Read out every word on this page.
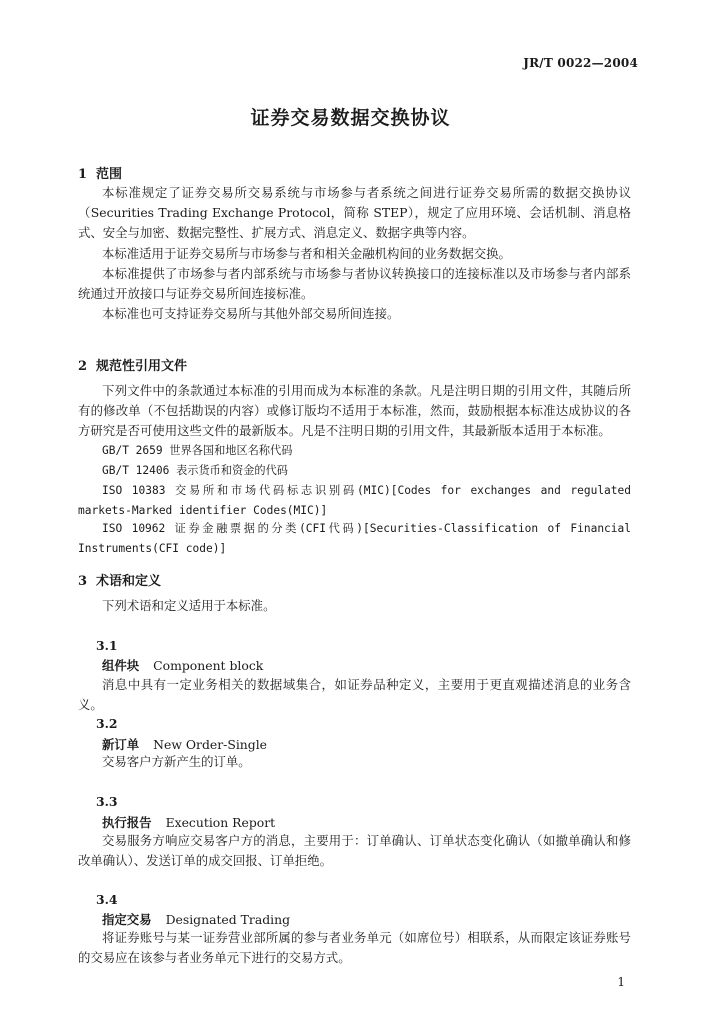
JR/T 0022—2004
证券交易数据交换协议
1 范围
本标准规定了证券交易所交易系统与市场参与者系统之间进行证券交易所需的数据交换协议（Securities Trading Exchange Protocol，简称 STEP），规定了应用环境、会话机制、消息格式、安全与加密、数据完整性、扩展方式、消息定义、数据字典等内容。
本标准适用于证券交易所与市场参与者和相关金融机构间的业务数据交换。
本标准提供了市场参与者内部系统与市场参与者协议转换接口的连接标准以及市场参与者内部系统通过开放接口与证券交易所间连接标准。
本标准也可支持证券交易所与其他外部交易所间连接。
2 规范性引用文件
下列文件中的条款通过本标准的引用而成为本标准的条款。凡是注明日期的引用文件，其随后所有的修改单（不包括勘误的内容）或修订版均不适用于本标准，然而，鼓励根据本标准达成协议的各方研究是否可使用这些文件的最新版本。凡是不注明日期的引用文件，其最新版本适用于本标准。
GB/T 2659 世界各国和地区名称代码
GB/T 12406 表示货币和资金的代码
ISO 10383 交易所和市场代码标志识别码(MIC)[Codes for exchanges and regulated markets-Marked identifier Codes(MIC)]
ISO 10962 证券金融票据的分类(CFI代码)[Securities-Classification of Financial Instruments(CFI code)]
3 术语和定义
下列术语和定义适用于本标准。
3.1
组件块 Component block
消息中具有一定业务相关的数据域集合，如证券品种定义，主要用于更直观描述消息的业务含义。
3.2
新订单 New Order-Single
交易客户方新产生的订单。
3.3
执行报告 Execution Report
交易服务方响应交易客户方的消息，主要用于：订单确认、订单状态变化确认（如撤单确认和修改单确认）、发送订单的成交回报、订单拒绝。
3.4
指定交易 Designated Trading
将证券账号与某一证券营业部所属的参与者业务单元（如席位号）相联系，从而限定该证券账号的交易应在该参与者业务单元下进行的交易方式。
1
